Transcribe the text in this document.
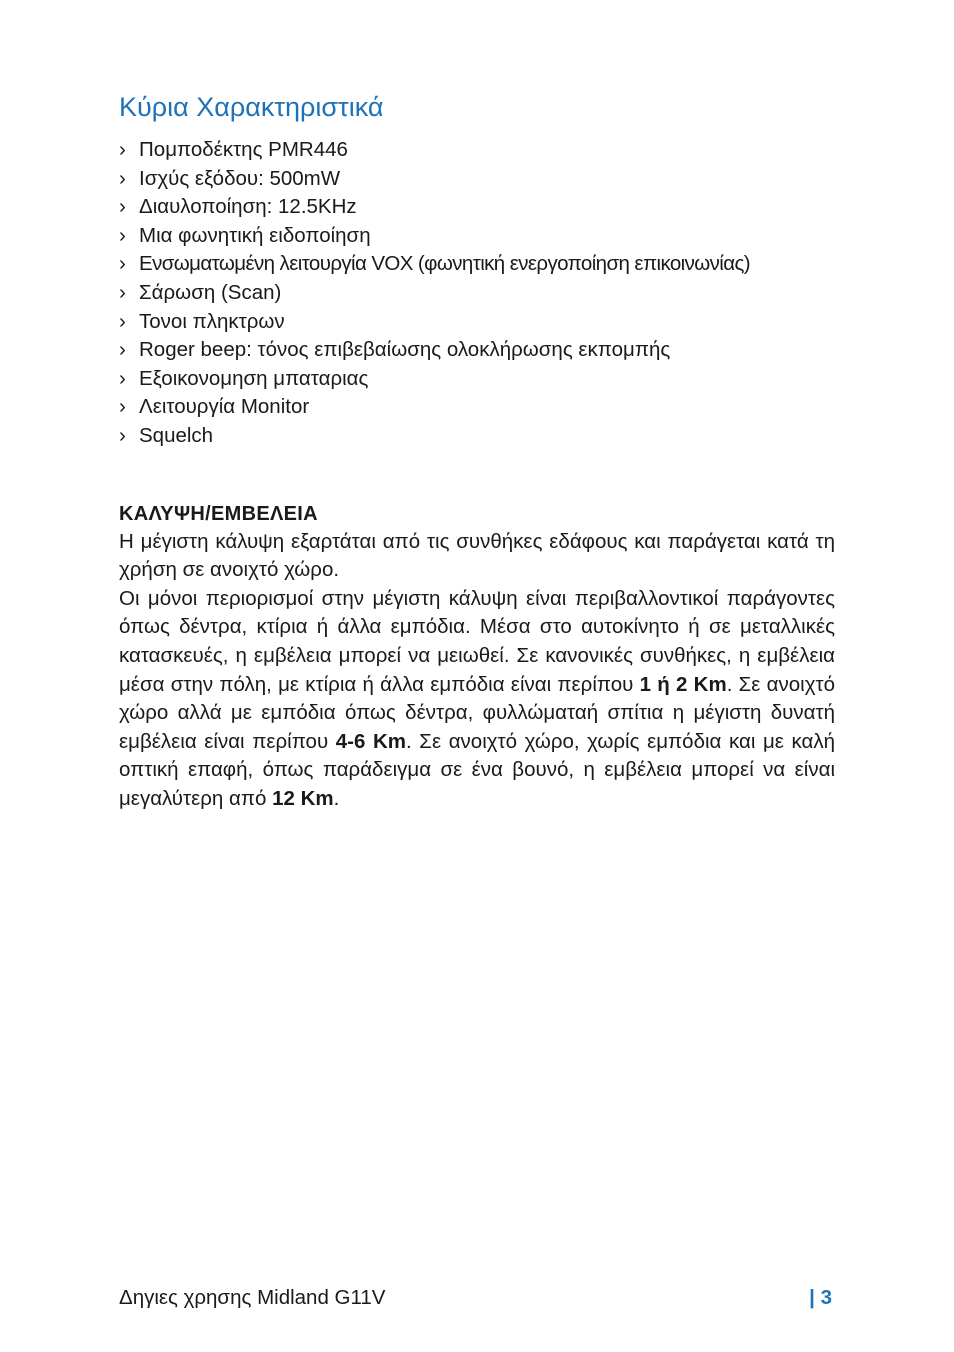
Κύρια Χαρακτηριστικά
› Πομποδέκτης PMR446
› Ισχύς εξόδου: 500mW
› Διαυλοποίηση: 12.5KHz
› Μια φωνητική ειδοποίηση
› Ενσωματωμένη λειτουργία VOX (φωνητική ενεργοποίηση επικοινωνίας)
› Σάρωση (Scan)
› Τονοι πληκτρων
› Roger beep: τόνος επιβεβαίωσης ολοκλήρωσης εκπομπής
› Εξοικονομηση μπαταριας
› Λειτουργία Monitor
› Squelch
ΚΑΛΥΨΗ/ΕΜΒΕΛΕΙΑ

Η μέγιστη κάλυψη εξαρτάται από τις συνθήκες εδάφους και παράγεται κατά τη χρήση σε ανοιχτό χώρο.

Οι μόνοι περιορισμοί στην μέγιστη κάλυψη είναι περιβαλλοντικοί παράγοντες όπως δέντρα, κτίρια ή άλλα εμπόδια. Μέσα στο αυτοκίνητο ή σε μεταλλικές κατασκευές, η εμβέλεια μπορεί να μειωθεί. Σε κανονικές συνθήκες, η εμβέλεια μέσα στην πόλη, με κτίρια ή άλλα εμπόδια είναι περίπου 1 ή 2 Km. Σε ανοιχτό χώρο αλλά με εμπόδια όπως δέντρα, φυλλώματαή σπίτια η μέγιστη δυνατή εμβέλεια είναι περίπου 4-6 Km. Σε ανοιχτό χώρο, χωρίς εμπόδια και με καλή οπτική επαφή, όπως παράδειγμα σε ένα βουνό, η εμβέλεια μπορεί να είναι μεγαλύτερη από 12 Km.

Δηγιες χρησης Midland G11V	| 3
